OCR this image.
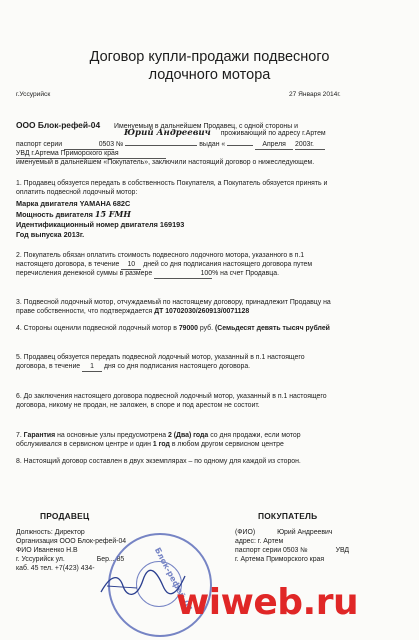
Договор купли-продажи подвесного
лодочного мотора
г.Уссурийск	27 Января 2014г.
ООО Блок-рефей-04 Именуемым в дальнейшем Продавец, с одной стороны и
Юрий Андреевич проживающий по адресу г.Артем
паспорт серии	0503 №	выдан «	Апреля 2003г.
УВД г.Артема Приморского края
именуемый в дальнейшем «Покупатель», заключили настоящий договор о нижеследующем.
1. Продавец обязуется передать в собственность Покупателя, а Покупатель обязуется принять и
оплатить подвесной лодочный мотор:
Марка двигателя YAMAHA 682C
Мощность двигателя 15 FMH
Идентификационный номер двигателя 169193
Год выпуска 2013г.
2. Покупатель обязан оплатить стоимость подвесного лодочного мотора, указанного в п.1
настоящего договора, в течение 10 дней со дня подписания настоящего договора путем
перечисления денежной суммы в размере	100% на счет Продавца.
3. Подвесной лодочный мотор, отчуждаемый по настоящему договору, принадлежит Продавцу на
праве собственности, что подтверждается ДТ 10702030/260913/0071128
4. Стороны оценили подвесной лодочный мотор в 79000 руб. (Семьдесят девять тысяч рублей
5. Продавец обязуется передать подвесной лодочный мотор, указанный в п.1 настоящего
договора, в течение 1 дня со дня подписания настоящего договора.
6. До заключения настоящего договора подвесной лодочный мотор, указанный в п.1 настоящего
договора, никому не продан, не заложен, в споре и под арестом не состоит.
7. Гарантия на основные узлы предусмотрена 2 (Два) года со дня продажи, если мотор
обслуживался в сервисном центре и один 1 год в любом другом сервисном центре
8. Настоящий договор составлен в двух экземплярах – по одному для каждой из сторон.
ПРОДАВЕЦ	ПОКУПАТЕЛЬ
Должность: Директор
Организация ООО Блок-рефей-04
ФИО Иваненко Н.В
г. Уссурийск ул.	Бер... 85
каб. 45 тел. +7(423) 434-
(ФИО)	Юрий Андреевич
адрес: г. Артем
паспорт серии 0503 №	УВД
г. Артема Приморского края
Блок-рефей-04
wiweb.ru
